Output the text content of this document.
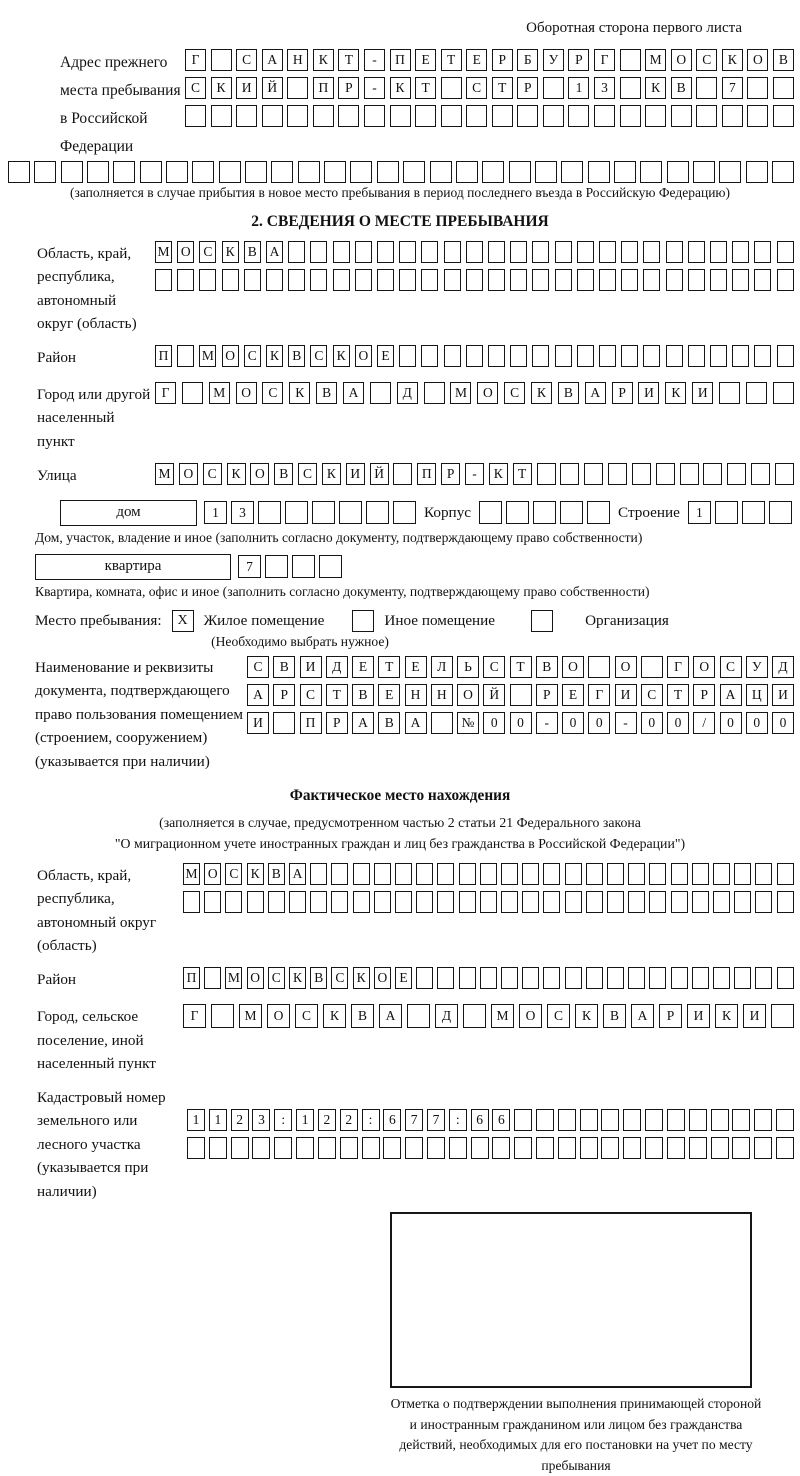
Оборотная сторона первого листа
Адрес прежнего места пребывания в Российской Федерации
Г	С	А	Н	К	Т	-	П	Е	Т	Е	Р	Б	У	Р	Г	М	О	С	К	О	В
С	К	И	Й	П	Р	-	К	Т	С	Т	Р	1	3	К	В	7
(заполняется в случае прибытия в новое место пребывания в период последнего въезда в Российскую Федерацию)
2. СВЕДЕНИЯ О МЕСТЕ ПРЕБЫВАНИЯ
Область, край, республика, автономный округ (область)
М О С К В А
Район	П М О С К В С К О Е
Город или другой населенный пункт
Г	М	О	С	К	В	А	Д	М	О	С	К	В	А	Р	И	К	И
Улица	М О	С	К	О	В	С	К	И	Й	П	Р	-	К	Т
дом	1	3	Корпус	Строение	1
Дом, участок, владение и иное (заполнить согласно документу, подтверждающему право собственности)
квартира	7
Квартира, комната, офис и иное (заполнить согласно документу, подтверждающему право собственности)
Место пребывания:	X	Жилое помещение	Иное помещение	Организация
(Необходимо выбрать нужное)
Наименование и реквизиты документа, подтверждающего право пользования помещением (строением, сооружением) (указывается при наличии)
С	В	И	Д	Е	Т	Е	Л	Ь	С	Т	В	О	О	Г	О	С	У	Д
А	Р	С	Т	В	Е	Н	Н	О	Й	Р	Е	Г	И	С	Т	Р	А	Ц	И
И	П	Р	А	В	А	№	0	0	-	0	0	-	0	0	/	0	0	0
Фактическое место нахождения
(заполняется в случае, предусмотренном частью 2 статьи 21 Федерального закона
"О миграционном учете иностранных граждан и лиц без гражданства в Российской Федерации")
Область, край, республика, автономный округ (область)
М О С К В А
Район	П М О С К В С К О Е
Город, сельское поселение, иной населенный пункт
Г	М	О	С	К	В	А	Д	М	О	С	К	В	А	Р	И	К	И
Кадастровый номер земельного или лесного участка (указывается при наличии)
1	1	2	3	:	1	2	2	:	6	7	7	:	6	6
Отметка о подтверждении выполнения принимающей стороной и иностранным гражданином или лицом без гражданства действий, необходимых для его постановки на учет по месту пребывания
